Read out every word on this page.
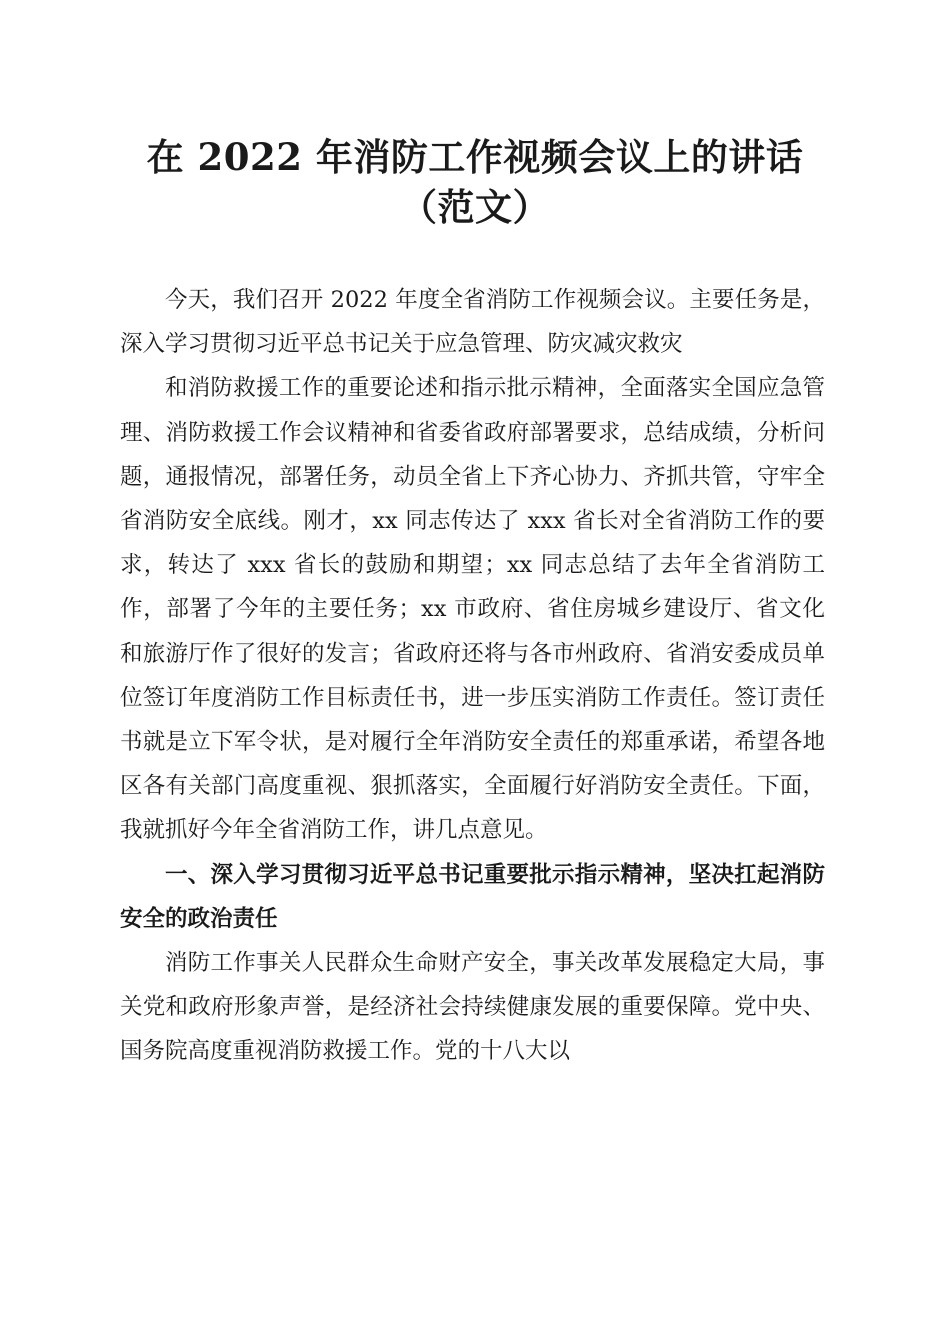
在 2022 年消防工作视频会议上的讲话（范文）

今天，我们召开 2022 年度全省消防工作视频会议。主要任务是，深入学习贯彻习近平总书记关于应急管理、防灾减灾救灾

和消防救援工作的重要论述和指示批示精神，全面落实全国应急管理、消防救援工作会议精神和省委省政府部署要求，总结成绩，分析问题，通报情况，部署任务，动员全省上下齐心协力、齐抓共管，守牢全省消防安全底线。刚才，xx 同志传达了 xxx 省长对全省消防工作的要求，转达了 xxx 省长的鼓励和期望；xx 同志总结了去年全省消防工作，部署了今年的主要任务；xx 市政府、省住房城乡建设厅、省文化和旅游厅作了很好的发言；省政府还将与各市州政府、省消安委成员单位签订年度消防工作目标责任书，进一步压实消防工作责任。签订责任书就是立下军令状，是对履行全年消防安全责任的郑重承诺，希望各地区各有关部门高度重视、狠抓落实，全面履行好消防安全责任。下面，我就抓好今年全省消防工作，讲几点意见。

一、深入学习贯彻习近平总书记重要批示指示精神，坚决扛起消防安全的政治责任

消防工作事关人民群众生命财产安全，事关改革发展稳定大局，事关党和政府形象声誉，是经济社会持续健康发展的重要保障。党中央、国务院高度重视消防救援工作。党的十八大以
